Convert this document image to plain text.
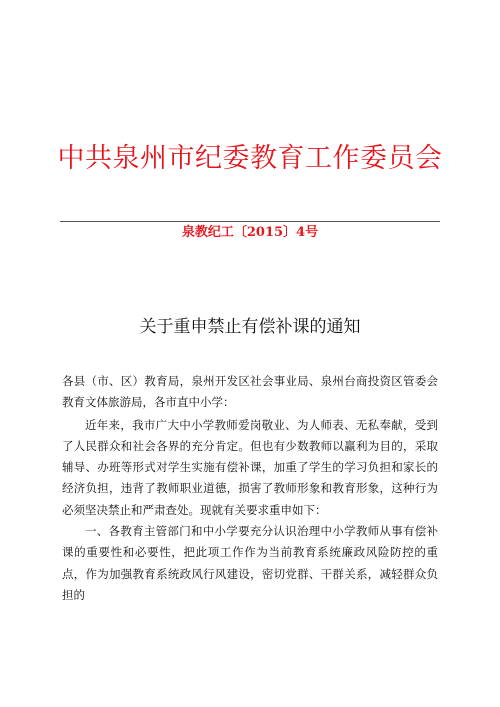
中共泉州市纪委教育工作委员会
泉教纪工〔2015〕4号
关于重申禁止有偿补课的通知

各县（市、区）教育局，泉州开发区社会事业局、泉州台商投资区管委会教育文体旅游局，各市直中小学：

近年来，我市广大中小学教师爱岗敬业、为人师表、无私奉献，受到了人民群众和社会各界的充分肯定。但也有少数教师以赢利为目的，采取辅导、办班等形式对学生实施有偿补课，加重了学生的学习负担和家长的经济负担，违背了教师职业道德，损害了教师形象和教育形象，这种行为必须坚决禁止和严肃查处。现就有关要求重申如下：

一、各教育主管部门和中小学要充分认识治理中小学教师从事有偿补课的重要性和必要性，把此项工作作为当前教育系统廉政风险防控的重点，作为加强教育系统政风行风建设，密切党群、干群关系，减轻群众负担的
